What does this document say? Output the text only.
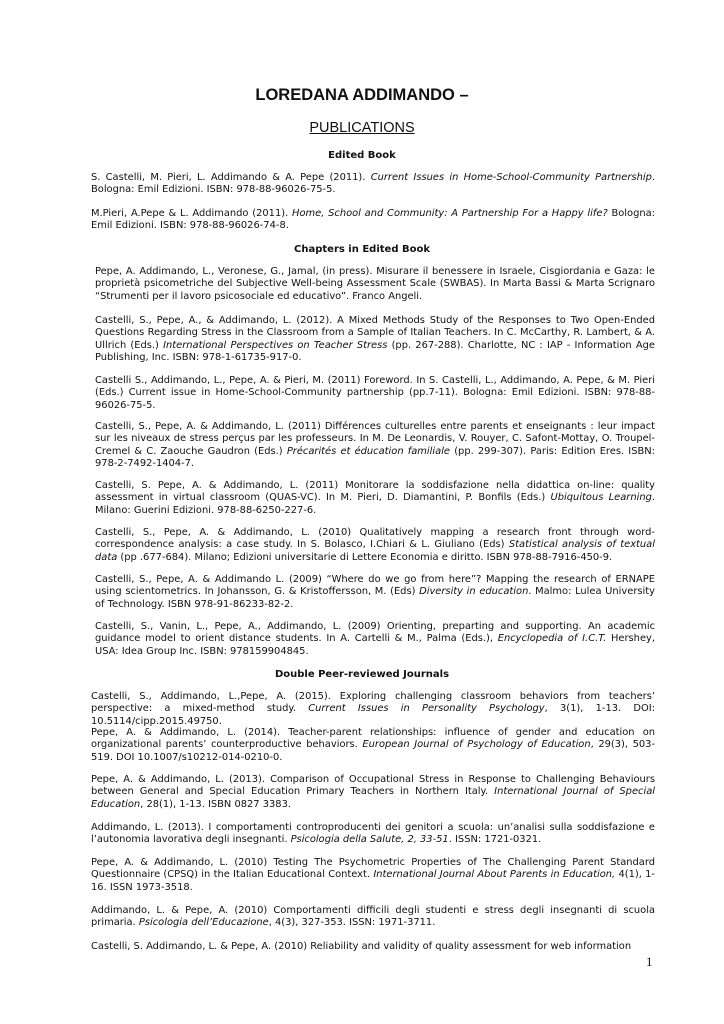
LOREDANA ADDIMANDO –
PUBLICATIONS
Edited Book
S. Castelli, M. Pieri, L. Addimando & A. Pepe (2011). Current Issues in Home-School-Community Partnership. Bologna: Emil Edizioni. ISBN: 978-88-96026-75-5.
M.Pieri, A.Pepe & L. Addimando (2011). Home, School and Community: A Partnership For a Happy life? Bologna: Emil Edizioni. ISBN: 978-88-96026-74-8.
Chapters in Edited Book
Pepe, A. Addimando, L., Veronese, G., Jamal, (in press). Misurare il benessere in Israele, Cisgiordania e Gaza: le proprietà psicometriche del Subjective Well-being Assessment Scale (SWBAS). In Marta Bassi & Marta Scrignaro “Strumenti per il lavoro psicosociale ed educativo”. Franco Angeli.
Castelli, S., Pepe, A., & Addimando, L. (2012). A Mixed Methods Study of the Responses to Two Open-Ended Questions Regarding Stress in the Classroom from a Sample of Italian Teachers. In C. McCarthy, R. Lambert, & A. Ullrich (Eds.) International Perspectives on Teacher Stress (pp. 267-288). Charlotte, NC : IAP - Information Age Publishing, Inc. ISBN: 978-1-61735-917-0.
Castelli S., Addimando, L., Pepe, A. & Pieri, M. (2011) Foreword. In S. Castelli, L., Addimando, A. Pepe, & M. Pieri (Eds.) Current issue in Home-School-Community partnership (pp.7-11). Bologna: Emil Edizioni. ISBN: 978-88-96026-75-5.
Castelli, S., Pepe, A. & Addimando, L. (2011) Différences culturelles entre parents et enseignants : leur impact sur les niveaux de stress perçus par les professeurs. In M. De Leonardis, V. Rouyer, C. Safont-Mottay, O. Troupel-Cremel & C. Zaouche Gaudron (Eds.) Précarités et éducation familiale (pp. 299-307). Paris: Edition Eres. ISBN: 978-2-7492-1404-7.
Castelli, S. Pepe, A. & Addimando, L. (2011) Monitorare la soddisfazione nella didattica on-line: quality assessment in virtual classroom (QUAS-VC). In M. Pieri, D. Diamantini, P. Bonfils (Eds.) Ubiquitous Learning. Milano: Guerini Edizioni. 978-88-6250-227-6.
Castelli, S., Pepe, A. & Addimando, L. (2010) Qualitatively mapping a research front through word-correspondence analysis: a case study. In S. Bolasco, I.Chiari & L. Giuliano (Eds) Statistical analysis of textual data (pp .677-684). Milano; Edizioni universitarie di Lettere Economia e diritto. ISBN 978-88-7916-450-9.
Castelli, S., Pepe, A. & Addimando L. (2009) “Where do we go from here”? Mapping the research of ERNAPE using scientometrics. In Johansson, G. & Kristoffersson, M. (Eds) Diversity in education. Malmo: Lulea University of Technology. ISBN 978-91-86233-82-2.
Castelli, S., Vanin, L., Pepe, A., Addimando, L. (2009) Orienting, preparting and supporting. An academic guidance model to orient distance students. In A. Cartelli & M., Palma (Eds.), Encyclopedia of I.C.T. Hershey, USA: Idea Group Inc. ISBN: 978159904845.
Double Peer-reviewed Journals
Castelli, S., Addimando, L.,Pepe, A. (2015). Exploring challenging classroom behaviors from teachers’ perspective: a mixed-method study. Current Issues in Personality Psychology, 3(1), 1-13. DOI: 10.5114/cipp.2015.49750.
Pepe, A. & Addimando, L. (2014). Teacher-parent relationships: influence of gender and education on organizational parents’ counterproductive behaviors. European Journal of Psychology of Education, 29(3), 503-519. DOI 10.1007/s10212-014-0210-0.
Pepe, A. & Addimando, L. (2013). Comparison of Occupational Stress in Response to Challenging Behaviours between General and Special Education Primary Teachers in Northern Italy. International Journal of Special Education, 28(1), 1-13. ISBN 0827 3383.
Addimando, L. (2013). I comportamenti controproducenti dei genitori a scuola: un’analisi sulla soddisfazione e l’autonomia lavorativa degli insegnanti. Psicologia della Salute, 2, 33-51. ISSN: 1721-0321.
Pepe, A. & Addimando, L. (2010) Testing The Psychometric Properties of The Challenging Parent Standard Questionnaire (CPSQ) in the Italian Educational Context. International Journal About Parents in Education, 4(1), 1-16. ISSN 1973-3518.
Addimando, L. & Pepe, A. (2010) Comportamenti difficili degli studenti e stress degli insegnanti di scuola primaria. Psicologia dell’Educazione, 4(3), 327-353. ISSN: 1971-3711.
Castelli, S. Addimando, L. & Pepe, A. (2010) Reliability and validity of quality assessment for web information
1
